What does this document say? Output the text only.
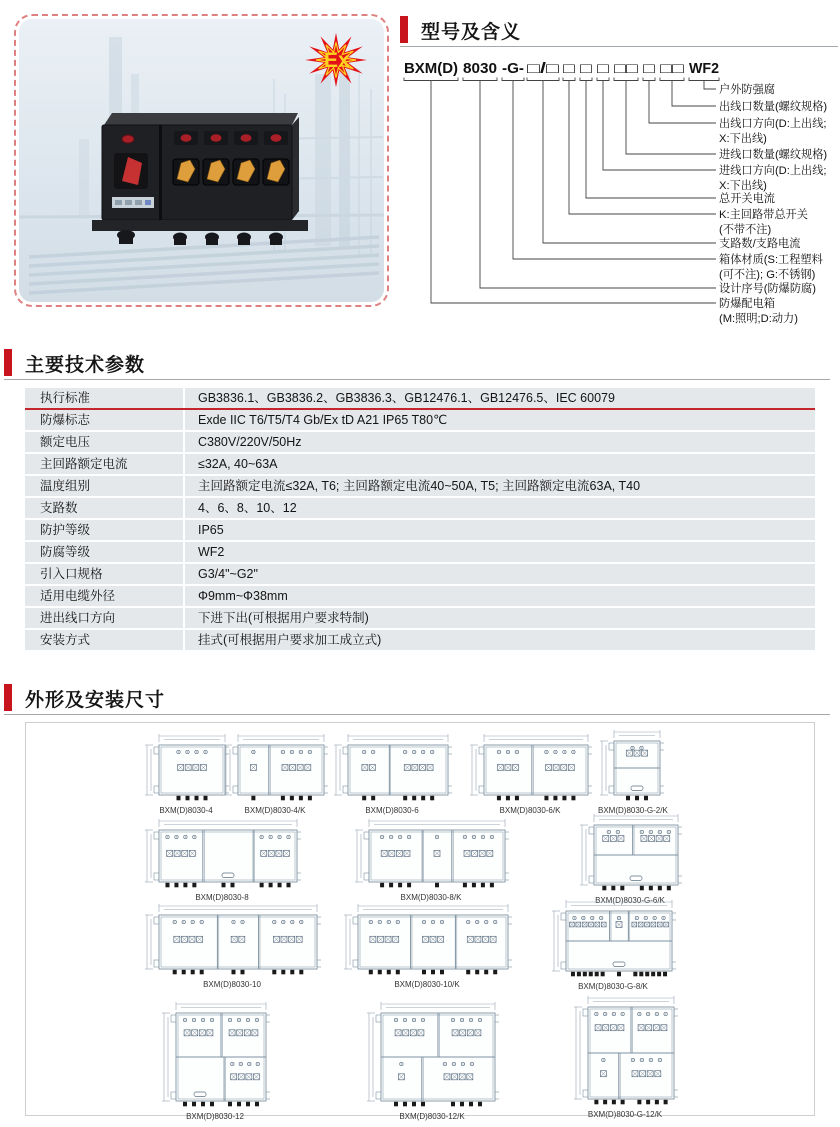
Ex
型号及含义
主要技术参数
外形及安装尺寸
BXM(D) 8030 -G- □/□ □ □ □ □□ □ □□ WF2
户外防强腐
出线口数量(螺纹规格)
出线口方向(D:上出线;
X:下出线)
进线口数量(螺纹规格)
进线口方向(D:上出线;
X:下出线)
总开关电流
K:主回路带总开关
(不带不注)
支路数/支路电流
箱体材质(S:工程塑料
(可不注); G:不锈钢)
设计序号(防爆防腐)
防爆配电箱
(M:照明;D:动力)
执行标准	GB3836.1、GB3836.2、GB3836.3、GB12476.1、GB12476.5、IEC 60079
防爆标志	Exde IIC T6/T5/T4 Gb/Ex tD A21 IP65 T80℃
额定电压	C380V/220V/50Hz
主回路额定电流	≤32A, 40~63A
温度组别	主回路额定电流≤32A, T6; 主回路额定电流40~50A, T5; 主回路额定电流63A, T40
支路数	4、6、8、10、12
防护等级	IP65
防腐等级	WF2
引入口规格	G3/4"~G2"
适用电缆外径	Φ9mm~Φ38mm
进出线口方向	下进下出(可根据用户要求特制)
安装方式	挂式(可根据用户要求加工成立式)
BXM(D)8030-4	BXM(D)8030-4/K	BXM(D)8030-6	BXM(D)8030-6/K	BXM(D)8030-G-2/K
BXM(D)8030-8	BXM(D)8030-8/K	BXM(D)8030-G-6/K
BXM(D)8030-10	BXM(D)8030-10/K	BXM(D)8030-G-8/K
BXM(D)8030-12	BXM(D)8030-12/K	BXM(D)8030-G-12/K
